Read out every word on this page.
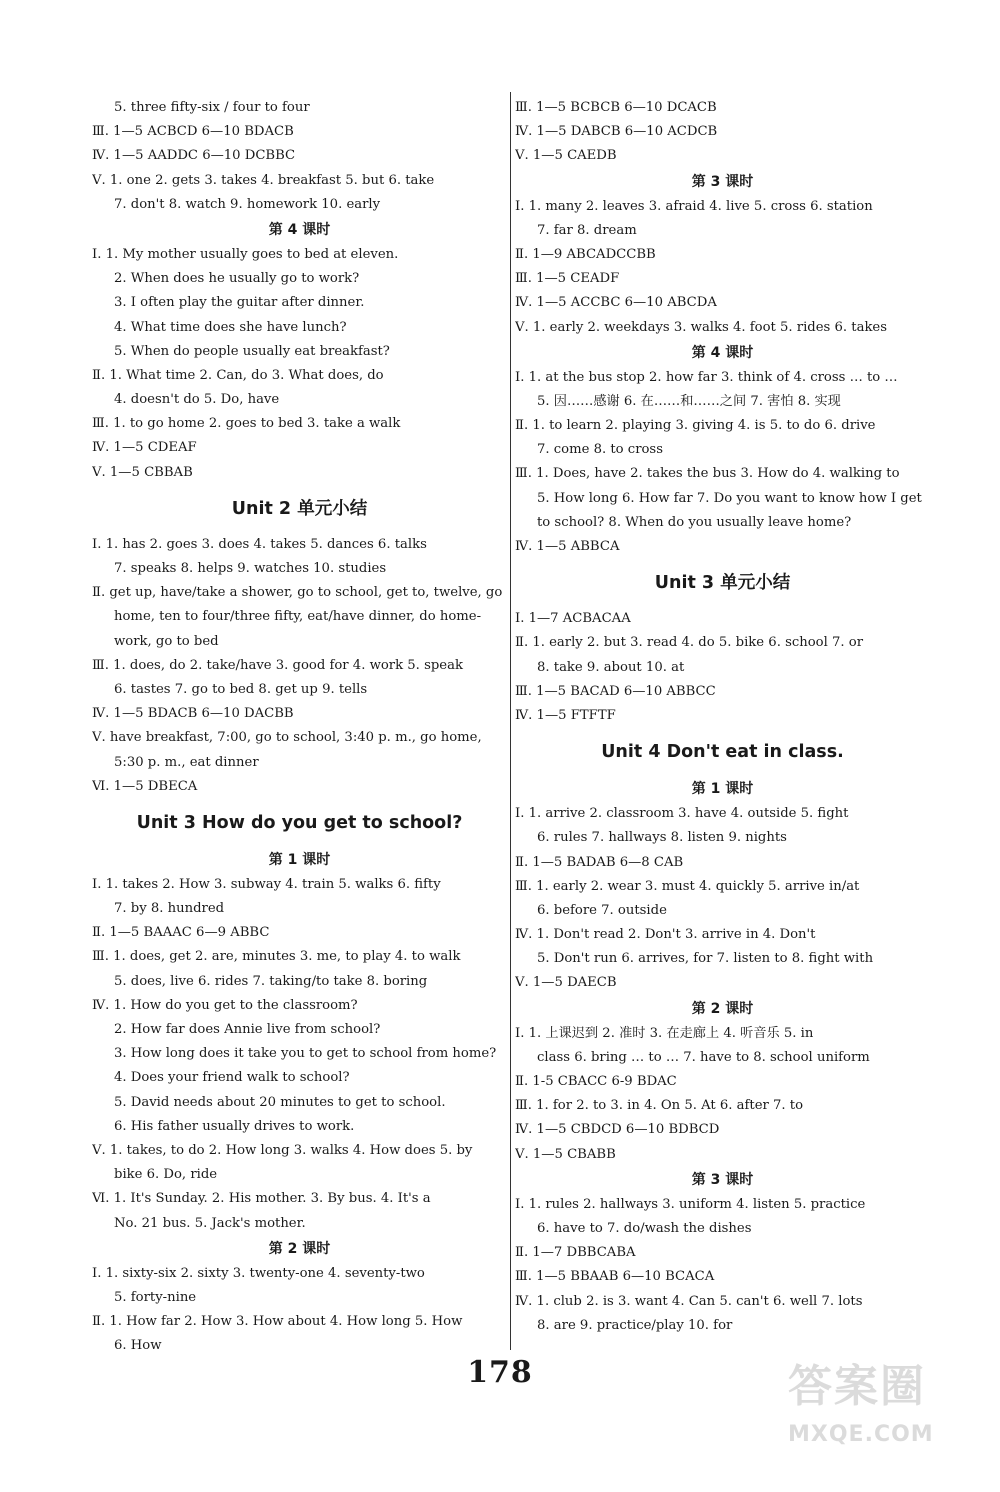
5. three fifty-six / four to four
Ⅲ. 1—5 ACBCD 6—10 BDACB
Ⅳ. 1—5 AADDC 6—10 DCBBC
Ⅴ. 1. one 2. gets 3. takes 4. breakfast 5. but 6. take
7. don't 8. watch 9. homework 10. early
第 4 课时
Ⅰ. 1. My mother usually goes to bed at eleven.
2. When does he usually go to work?
3. I often play the guitar after dinner.
4. What time does she have lunch?
5. When do people usually eat breakfast?
Ⅱ. 1. What time 2. Can, do 3. What does, do
4. doesn't do 5. Do, have
Ⅲ. 1. to go home 2. goes to bed 3. take a walk
Ⅳ. 1—5 CDEAF
Ⅴ. 1—5 CBBAB
Unit 2 单元小结
Ⅰ. 1. has 2. goes 3. does 4. takes 5. dances 6. talks
7. speaks 8. helps 9. watches 10. studies
Ⅱ. get up, have/take a shower, go to school, get to, twelve, go
home, ten to four/three fifty, eat/have dinner, do home-
work, go to bed
Ⅲ. 1. does, do 2. take/have 3. good for 4. work 5. speak
6. tastes 7. go to bed 8. get up 9. tells
Ⅳ. 1—5 BDACB 6—10 DACBB
Ⅴ. have breakfast, 7:00, go to school, 3:40 p. m., go home,
5:30 p. m., eat dinner
Ⅵ. 1—5 DBECA
Unit 3 How do you get to school?
第 1 课时
Ⅰ. 1. takes 2. How 3. subway 4. train 5. walks 6. fifty
7. by 8. hundred
Ⅱ. 1—5 BAAAC 6—9 ABBC
Ⅲ. 1. does, get 2. are, minutes 3. me, to play 4. to walk
5. does, live 6. rides 7. taking/to take 8. boring
Ⅳ. 1. How do you get to the classroom?
2. How far does Annie live from school?
3. How long does it take you to get to school from home?
4. Does your friend walk to school?
5. David needs about 20 minutes to get to school.
6. His father usually drives to work.
Ⅴ. 1. takes, to do 2. How long 3. walks 4. How does 5. by
bike 6. Do, ride
Ⅵ. 1. It's Sunday. 2. His mother. 3. By bus. 4. It's a
No. 21 bus. 5. Jack's mother.
第 2 课时
Ⅰ. 1. sixty-six 2. sixty 3. twenty-one 4. seventy-two
5. forty-nine
Ⅱ. 1. How far 2. How 3. How about 4. How long 5. How
6. How
Ⅲ. 1—5 BCBCB 6—10 DCACB
Ⅳ. 1—5 DABCB 6—10 ACDCB
Ⅴ. 1—5 CAEDB
第 3 课时
Ⅰ. 1. many 2. leaves 3. afraid 4. live 5. cross 6. station
7. far 8. dream
Ⅱ. 1—9 ABCADCCBB
Ⅲ. 1—5 CEADF
Ⅳ. 1—5 ACCBC 6—10 ABCDA
Ⅴ. 1. early 2. weekdays 3. walks 4. foot 5. rides 6. takes
第 4 课时
Ⅰ. 1. at the bus stop 2. how far 3. think of 4. cross … to …
5. 因……感谢 6. 在……和……之间 7. 害怕 8. 实现
Ⅱ. 1. to learn 2. playing 3. giving 4. is 5. to do 6. drive
7. come 8. to cross
Ⅲ. 1. Does, have 2. takes the bus 3. How do 4. walking to
5. How long 6. How far 7. Do you want to know how I get
to school? 8. When do you usually leave home?
Ⅳ. 1—5 ABBCA
Unit 3 单元小结
Ⅰ. 1—7 ACBACAA
Ⅱ. 1. early 2. but 3. read 4. do 5. bike 6. school 7. or
8. take 9. about 10. at
Ⅲ. 1—5 BACAD 6—10 ABBCC
Ⅳ. 1—5 FTFTF
Unit 4 Don't eat in class.
第 1 课时
Ⅰ. 1. arrive 2. classroom 3. have 4. outside 5. fight
6. rules 7. hallways 8. listen 9. nights
Ⅱ. 1—5 BADAB 6—8 CAB
Ⅲ. 1. early 2. wear 3. must 4. quickly 5. arrive in/at
6. before 7. outside
Ⅳ. 1. Don't read 2. Don't 3. arrive in 4. Don't
5. Don't run 6. arrives, for 7. listen to 8. fight with
Ⅴ. 1—5 DAECB
第 2 课时
Ⅰ. 1. 上课迟到 2. 准时 3. 在走廊上 4. 听音乐 5. in
class 6. bring … to … 7. have to 8. school uniform
Ⅱ. 1-5 CBACC 6-9 BDAC
Ⅲ. 1. for 2. to 3. in 4. On 5. At 6. after 7. to
Ⅳ. 1—5 CBDCD 6—10 BDBCD
Ⅴ. 1—5 CBABB
第 3 课时
Ⅰ. 1. rules 2. hallways 3. uniform 4. listen 5. practice
6. have to 7. do/wash the dishes
Ⅱ. 1—7 DBBCABA
Ⅲ. 1—5 BBAAB 6—10 BCACA
Ⅳ. 1. club 2. is 3. want 4. Can 5. can't 6. well 7. lots
8. are 9. practice/play 10. for
178	答案圈
MXQE.COM
